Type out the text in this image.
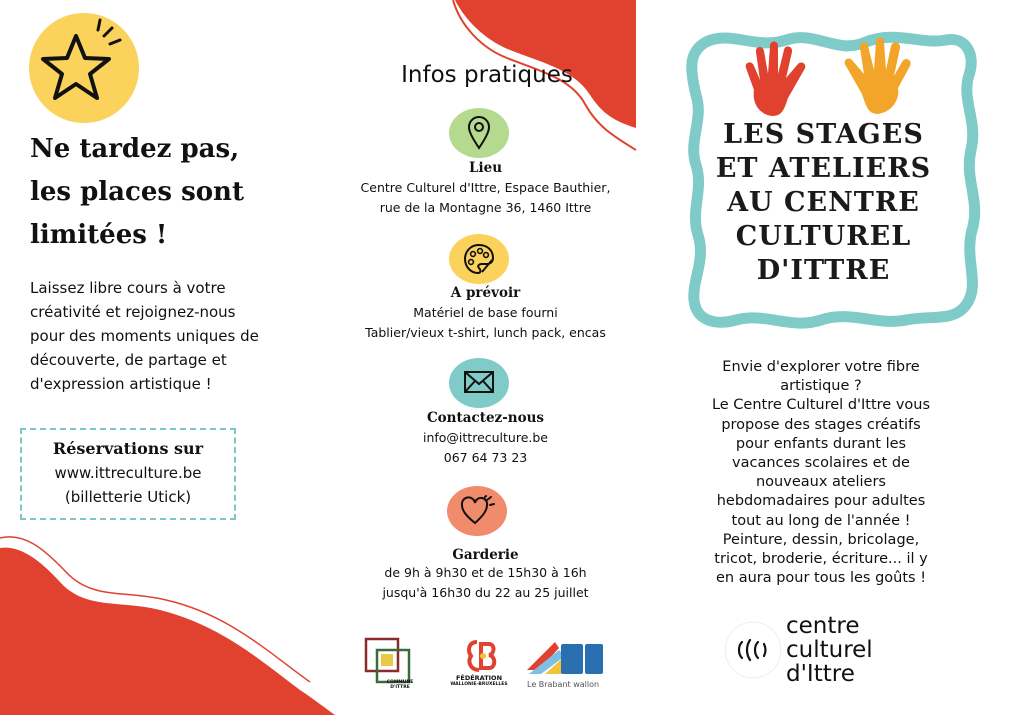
Ne tardez pas,
les places sont
limitées !
Laissez libre cours à votre
créativité et rejoignez-nous
pour des moments uniques de
découverte, de partage et
d'expression artistique !
Réservations sur
www.ittreculture.be
(billetterie Utick)
Infos pratiques
Lieu
Centre Culturel d'Ittre, Espace Bauthier,
rue de la Montagne 36, 1460 Ittre
A prévoir
Matériel de base fourni
Tablier/vieux t-shirt, lunch pack, encas
Contactez-nous
info@ittreculture.be
067 64 73 23
Garderie
de 9h à 9h30 et de 15h30 à 16h
jusqu'à 16h30 du 22 au 25 juillet
COMMUNE D'ITTRE
FÉDÉRATION
WALLONIE-BRUXELLES Le Brabant wallon
LES STAGES
ET ATELIERS
AU CENTRE
CULTUREL
D'ITTRE
Envie d'explorer votre fibre
artistique ?
Le Centre Culturel d'Ittre vous
propose des stages créatifs
pour enfants durant les
vacances scolaires et de
nouveaux ateliers
hebdomadaires pour adultes
tout au long de l'année !
Peinture, dessin, bricolage,
tricot, broderie, écriture... il y
en aura pour tous les goûts !
centre
culturel
d'Ittre
